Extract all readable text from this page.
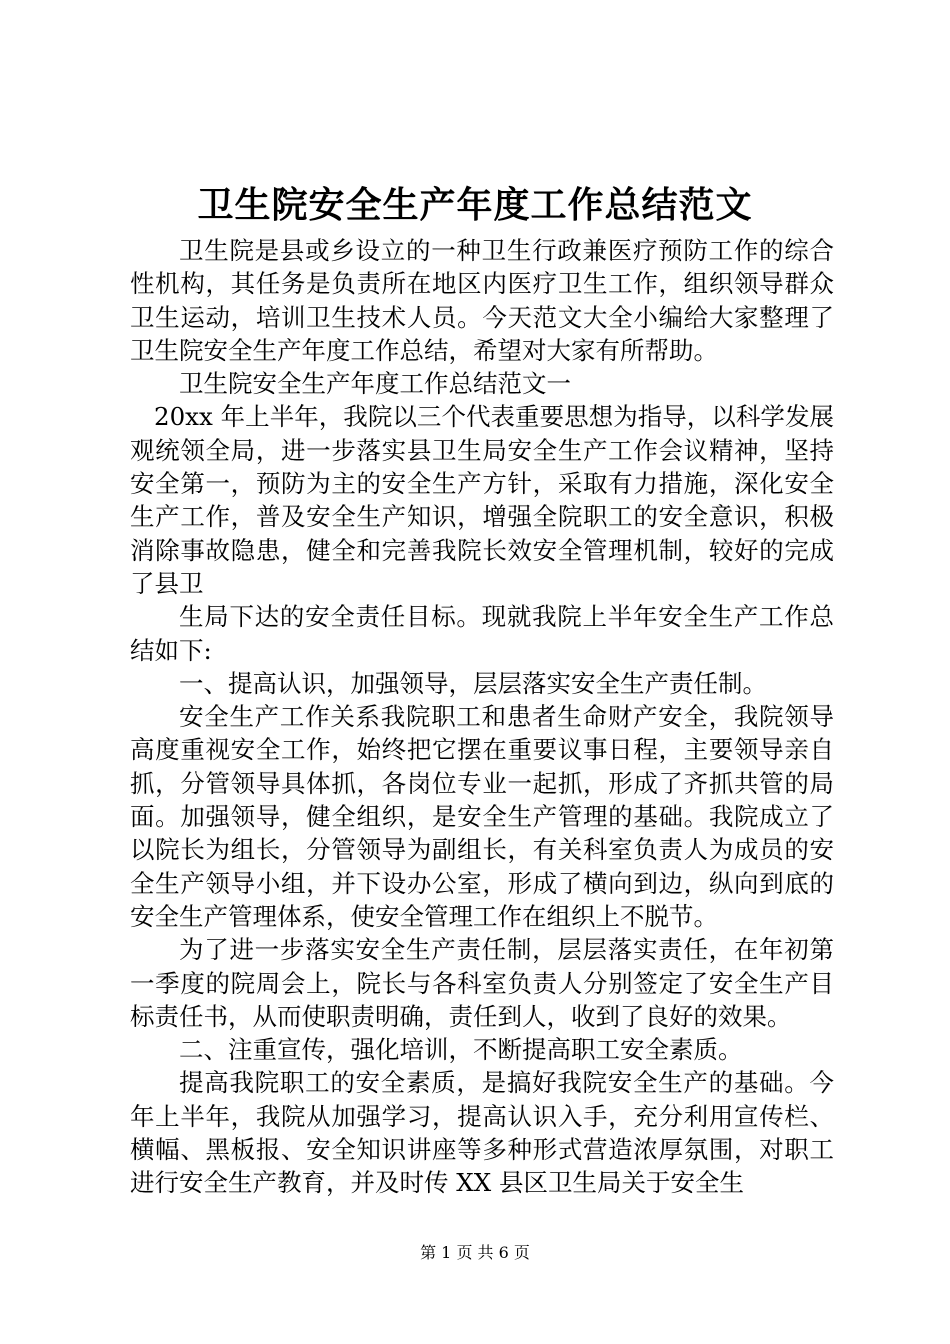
卫生院安全生产年度工作总结范文

卫生院是县或乡设立的一种卫生行政兼医疗预防工作的综合性机构，其任务是负责所在地区内医疗卫生工作，组织领导群众卫生运动，培训卫生技术人员。今天范文大全小编给大家整理了卫生院安全生产年度工作总结，希望对大家有所帮助。

卫生院安全生产年度工作总结范文一

20xx 年上半年，我院以三个代表重要思想为指导，以科学发展观统领全局，进一步落实县卫生局安全生产工作会议精神，坚持安全第一，预防为主的安全生产方针，采取有力措施，深化安全生产工作，普及安全生产知识，增强全院职工的安全意识，积极消除事故隐患，健全和完善我院长效安全管理机制，较好的完成了县卫

生局下达的安全责任目标。现就我院上半年安全生产工作总结如下:

一、提高认识，加强领导，层层落实安全生产责任制。

安全生产工作关系我院职工和患者生命财产安全，我院领导高度重视安全工作，始终把它摆在重要议事日程，主要领导亲自抓，分管领导具体抓，各岗位专业一起抓，形成了齐抓共管的局面。加强领导，健全组织，是安全生产管理的基础。我院成立了以院长为组长，分管领导为副组长，有关科室负责人为成员的安全生产领导小组，并下设办公室，形成了横向到边，纵向到底的安全生产管理体系，使安全管理工作在组织上不脱节。

为了进一步落实安全生产责任制，层层落实责任，在年初第一季度的院周会上，院长与各科室负责人分别签定了安全生产目标责任书，从而使职责明确，责任到人，收到了良好的效果。

二、注重宣传，强化培训，不断提高职工安全素质。

提高我院职工的安全素质，是搞好我院安全生产的基础。今年上半年，我院从加强学习，提高认识入手，充分利用宣传栏、横幅、黑板报、安全知识讲座等多种形式营造浓厚氛围，对职工进行安全生产教育，并及时传 XX 县区卫生局关于安全生

第 1 页 共 6 页
